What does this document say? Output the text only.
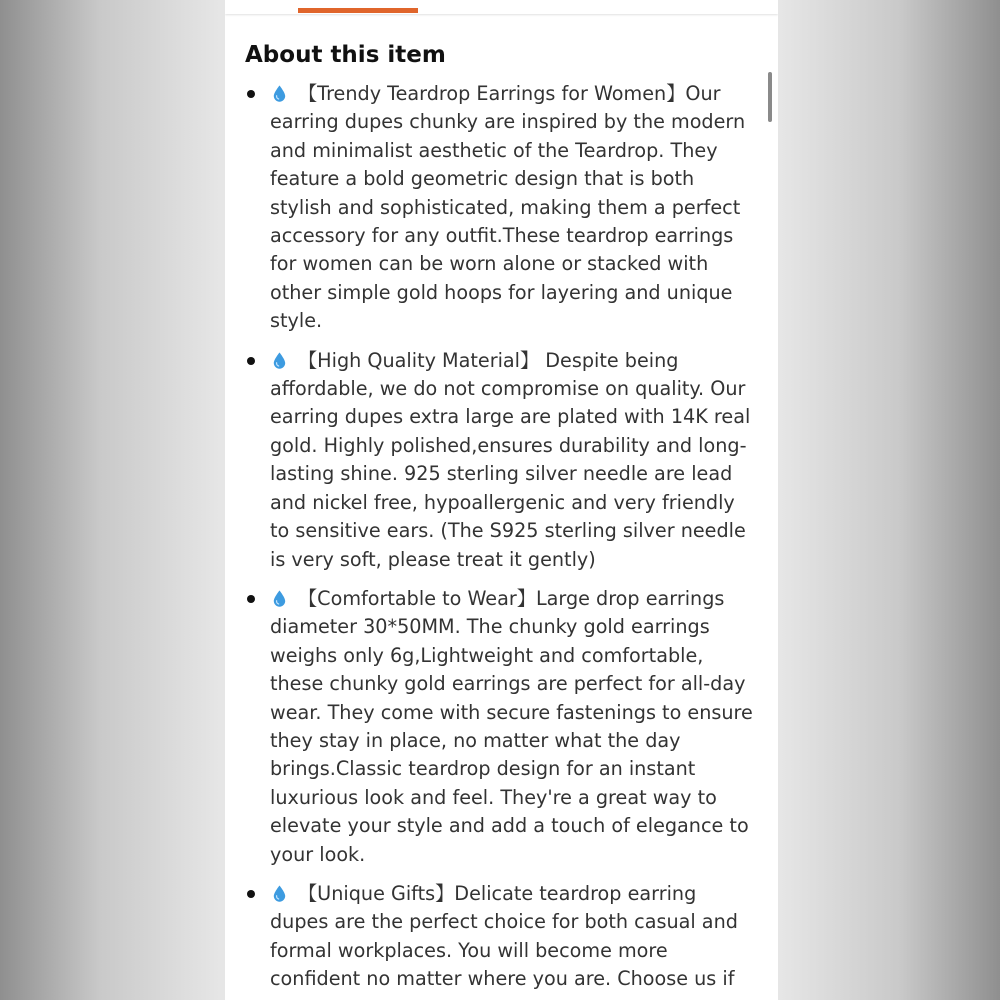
About this item
【Trendy Teardrop Earrings for Women】Our earring dupes chunky are inspired by the modern and minimalist aesthetic of the Teardrop. They feature a bold geometric design that is both stylish and sophisticated, making them a perfect accessory for any outfit.These teardrop earrings for women can be worn alone or stacked with other simple gold hoops for layering and unique style.
【High Quality Material】 Despite being affordable, we do not compromise on quality. Our earring dupes extra large are plated with 14K real gold. Highly polished,ensures durability and long-lasting shine. 925 sterling silver needle are lead and nickel free, hypoallergenic and very friendly to sensitive ears. (The S925 sterling silver needle is very soft, please treat it gently)
【Comfortable to Wear】Large drop earrings diameter 30*50MM. The chunky gold earrings weighs only 6g,Lightweight and comfortable, these chunky gold earrings are perfect for all-day wear. They come with secure fastenings to ensure they stay in place, no matter what the day brings.Classic teardrop design for an instant luxurious look and feel. They're a great way to elevate your style and add a touch of elegance to your look.
【Unique Gifts】Delicate teardrop earring dupes are the perfect choice for both casual and formal workplaces. You will become more confident no matter where you are. Choose us if
